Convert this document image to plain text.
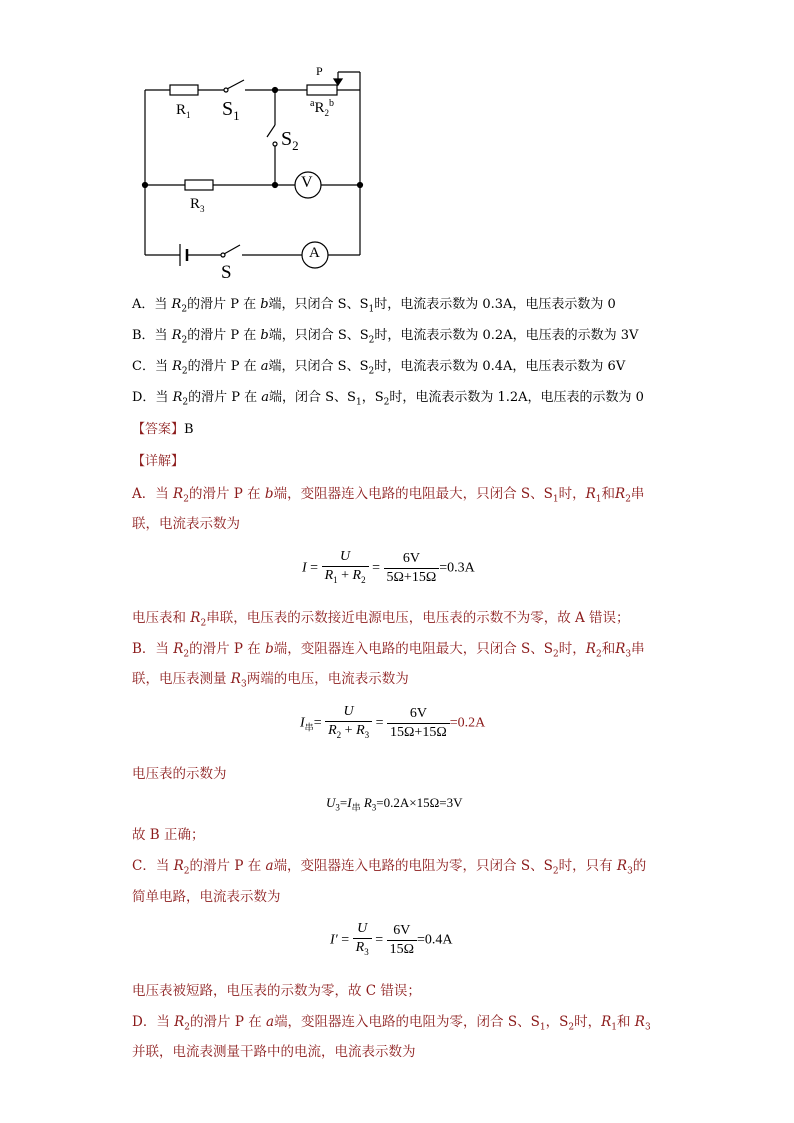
$R_1$ $S_1$
P
$^aR_2^b$
$S_2$
$R_3$
V
A
S
A．当 $R_2$的滑片 P 在 b端，只闭合 S、$S_1$时，电流表示数为 0.3A，电压表示数为 0
B．当 $R_2$的滑片 P 在 b端，只闭合 S、$S_2$时，电流表示数为 0.2A，电压表的示数为 3V
C．当 $R_2$的滑片 P 在 a端，只闭合 S、$S_2$时，电流表示数为 0.4A，电压表示数为 6V
D．当 $R_2$的滑片 P 在 a端，闭合 S、$S_1$，$S_2$时，电流表示数为 1.2A，电压表的示数为 0
【答案】B
【详解】
A．当 $R_2$的滑片 P 在 b端，变阻器连入电路的电阻最大，只闭合 S、$S_1$时，$R_1$和$R_2$串
联，电流表示数为
$I = \frac{U}{R_1 + R_2} = \frac{6V}{5\Omega+15\Omega} =0.3A$
电压表和 $R_2$串联，电压表的示数接近电源电压，电压表的示数不为零，故 A 错误；
B．当 $R_2$的滑片 P 在 b端，变阻器连入电路的电阻最大，只闭合 S、$S_2$时，$R_2$和$R_3$串
联，电压表测量 $R_3$两端的电压，电流表示数为
$I_串= \frac{U}{R_2 + R_3} = \frac{6V}{15\Omega+15\Omega} =0.2A$
电压表的示数为
$U_3=I_串$ $R_3=0.2A\times 15\Omega=3V$
故 B 正确；
C．当 $R_2$的滑片 P 在 a端，变阻器连入电路的电阻为零，只闭合 S、$S_2$时，只有 $R_3$的
简单电路，电流表示数为
$I' = \frac{U}{R_3} = \frac{6V}{15\Omega} =0.4A$
电压表被短路，电压表的示数为零，故 C 错误；
D．当 $R_2$的滑片 P 在 a端，变阻器连入电路的电阻为零，闭合 S、$S_1$，$S_2$时，$R_1$和 $R_3$
并联，电流表测量干路中的电流，电流表示数为
